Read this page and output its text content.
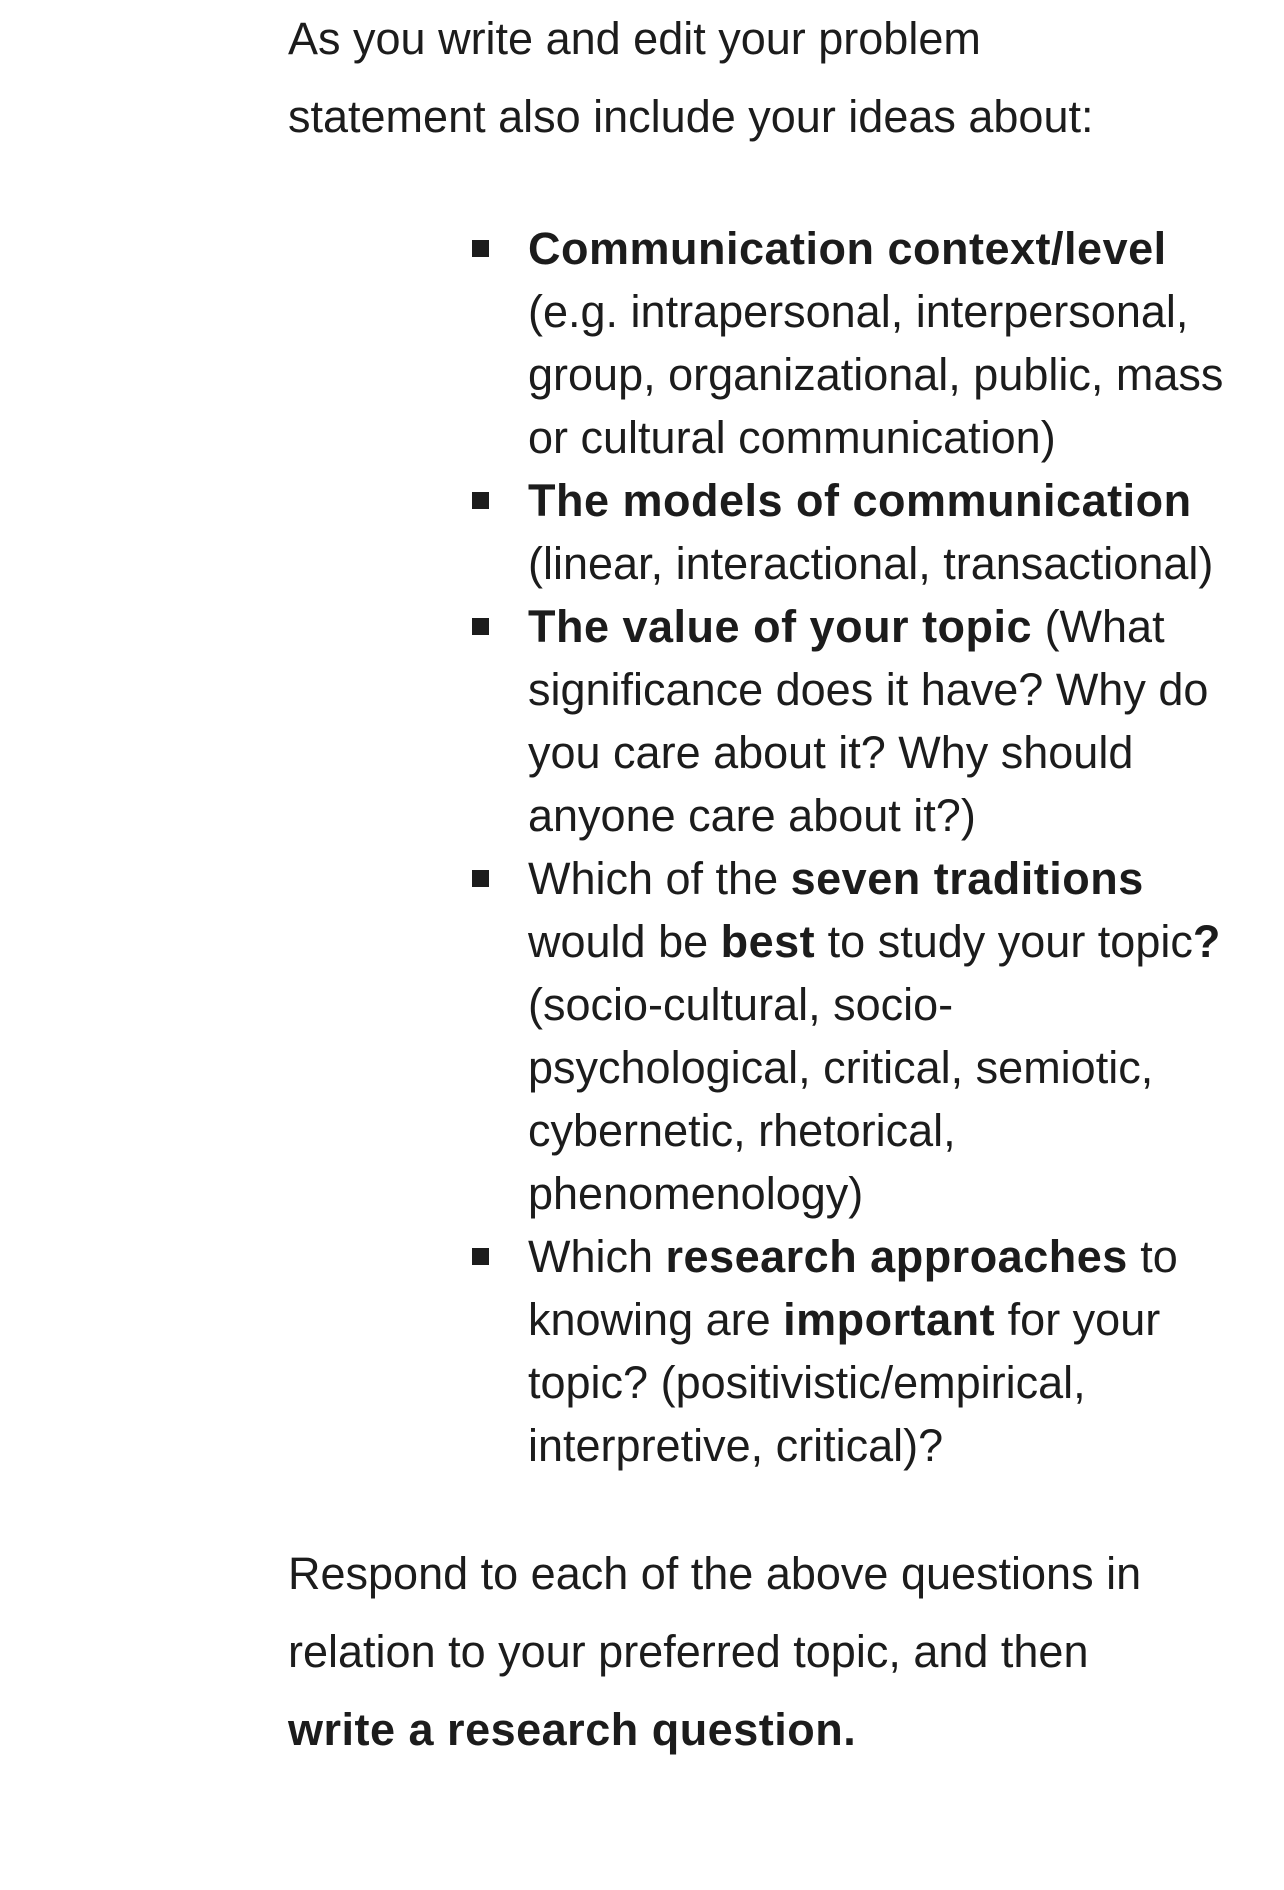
As you write and edit your problem statement also include your ideas about:

Communication context/level (e.g. intrapersonal, interpersonal, group, organizational, public, mass or cultural communication)
The models of communication (linear, interactional, transactional)
The value of your topic (What significance does it have? Why do you care about it? Why should anyone care about it?)
Which of the seven traditions would be best to study your topic? (socio-cultural, socio-psychological, critical, semiotic, cybernetic, rhetorical, phenomenology)
Which research approaches to knowing are important for your topic? (positivistic/empirical, interpretive, critical)?

Respond to each of the above questions in relation to your preferred topic, and then write a research question.
